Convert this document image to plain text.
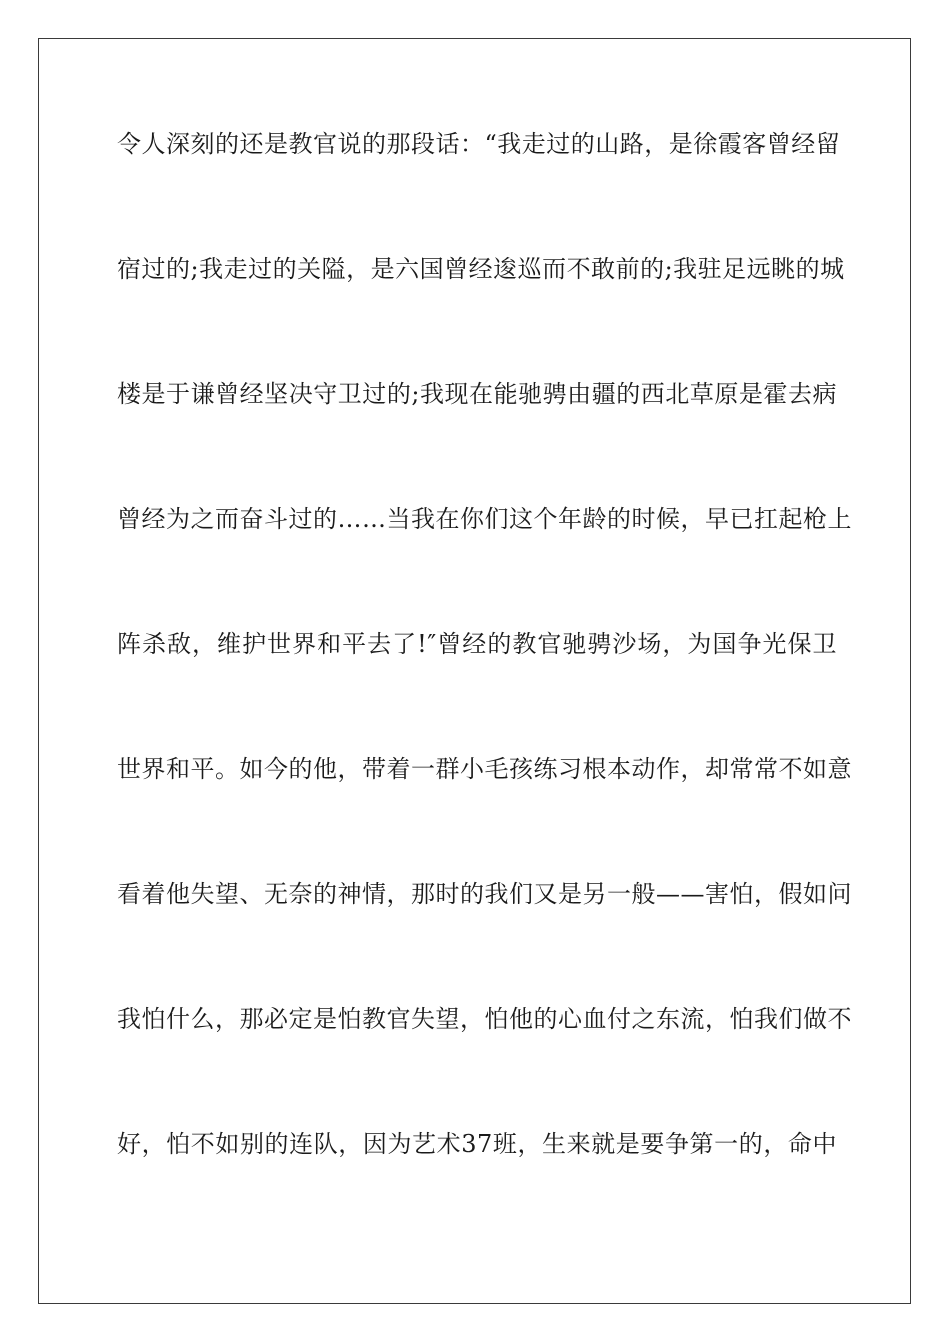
令人深刻的还是教官说的那段话：“我走过的山路，是徐霞客曾经留
宿过的;我走过的关隘，是六国曾经逡巡而不敢前的;我驻足远眺的城
楼是于谦曾经坚决守卫过的;我现在能驰骋由疆的西北草原是霍去病
曾经为之而奋斗过的……当我在你们这个年龄的时候，早已扛起枪上
阵杀敌，维护世界和平去了!″曾经的教官驰骋沙场，为国争光保卫
世界和平。如今的他，带着一群小毛孩练习根本动作，却常常不如意
看着他失望、无奈的神情，那时的我们又是另一般——害怕，假如问
我怕什么，那必定是怕教官失望，怕他的心血付之东流，怕我们做不
好，怕不如别的连队，因为艺术37班，生来就是要争第一的，命中
